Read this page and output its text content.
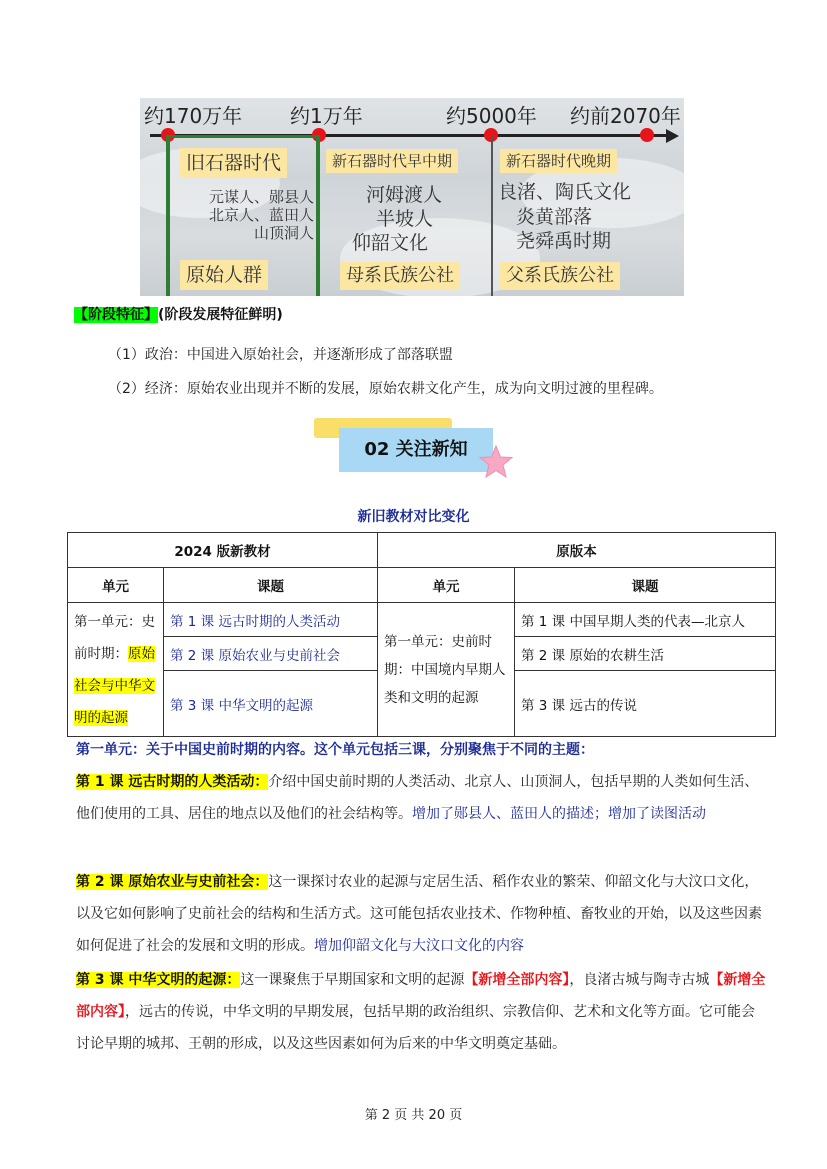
约170万年 约1万年	约5000年 约前2070年
旧石器时代	新石器时代早中期	新石器时代晚期
元谋人、郧县人
北京人、蓝田人
山顶洞人
河姆渡人
半坡人
仰韶文化
良渚、陶氏文化
炎黄部落
尧舜禹时期
原始人群	母系氏族公社	父系氏族公社
【阶段特征】(阶段发展特征鲜明)
（1）政治：中国进入原始社会，并逐渐形成了部落联盟
（2）经济：原始农业出现并不断的发展，原始农耕文化产生，成为向文明过渡的里程碑。
02 关注新知
新旧教材对比变化
2024 版新教材		原版本	
单元	课题	单元	课题
第一单元：史前时期：原始社会与中华文明的起源	第 1 课 远古时期的人类活动	第一单元：史前时期：中国境内早期人类和文明的起源	第 1 课 中国早期人类的代表—北京人
	第 2 课 原始农业与史前社会		第 2 课 原始的农耕生活
	第 3 课 中华文明的起源		第 3 课 远古的传说
第一单元：关于中国史前时期的内容。这个单元包括三课，分别聚焦于不同的主题：
第 1 课 远古时期的人类活动：介绍中国史前时期的人类活动、北京人、山顶洞人，包括早期的人类如何生活、他们使用的工具、居住的地点以及他们的社会结构等。增加了郧县人、蓝田人的描述；增加了读图活动
第 2 课 原始农业与史前社会：这一课探讨农业的起源与定居生活、稻作农业的繁荣、仰韶文化与大汶口文化，以及它如何影响了史前社会的结构和生活方式。这可能包括农业技术、作物种植、畜牧业的开始，以及这些因素如何促进了社会的发展和文明的形成。增加仰韶文化与大汶口文化的内容
第 3 课 中华文明的起源：这一课聚焦于早期国家和文明的起源【新增全部内容】，良渚古城与陶寺古城【新增全部内容】，远古的传说，中华文明的早期发展，包括早期的政治组织、宗教信仰、艺术和文化等方面。它可能会讨论早期的城邦、王朝的形成，以及这些因素如何为后来的中华文明奠定基础。
第 2 页 共 20 页
